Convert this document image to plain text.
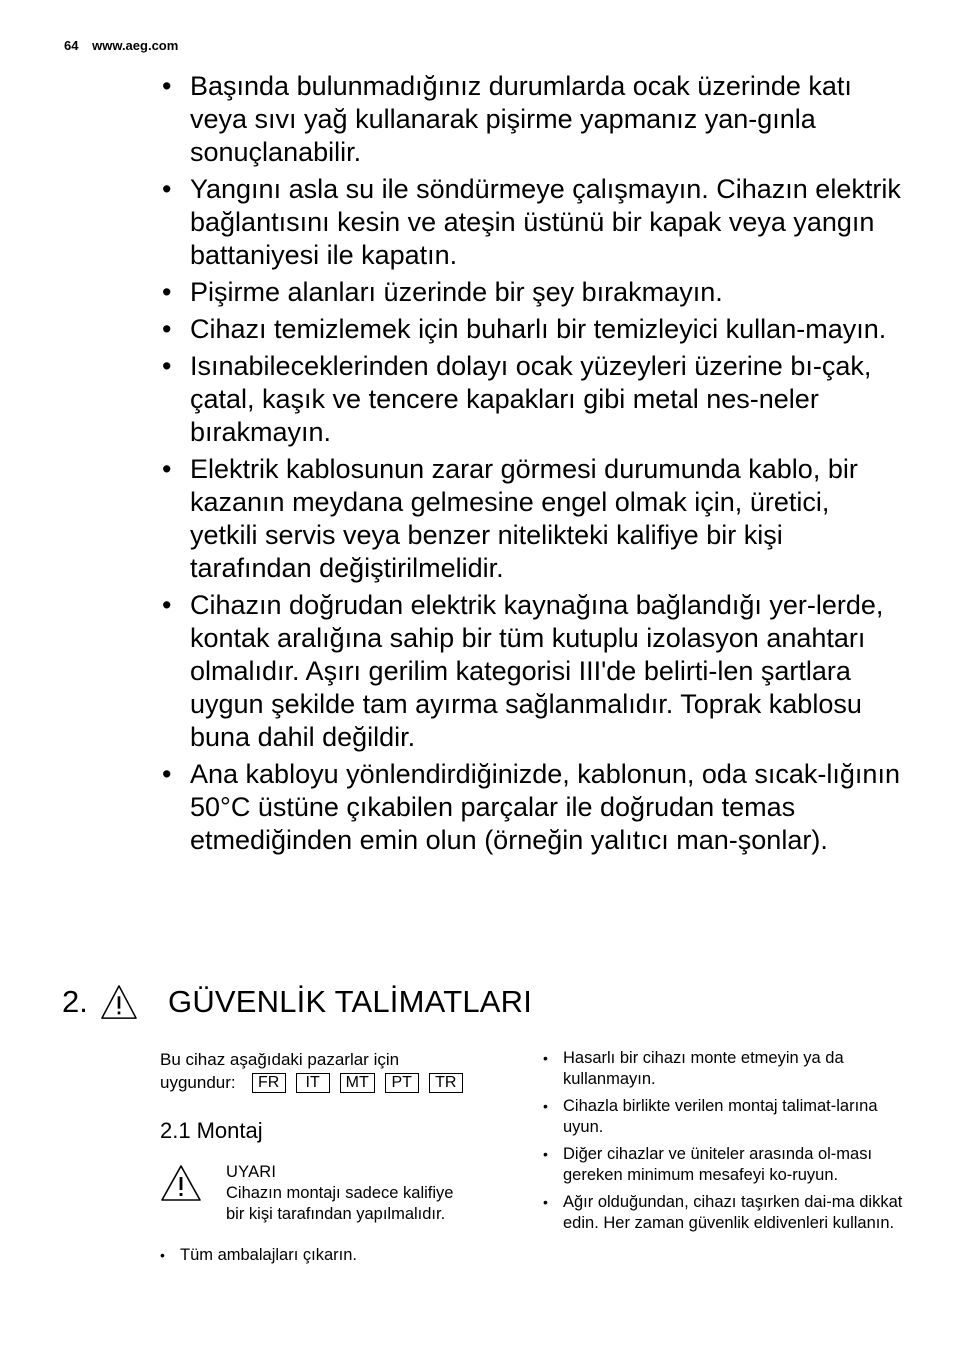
64 www.aeg.com
• Başında bulunmadığınız durumlarda ocak üzerinde katı veya sıvı yağ kullanarak pişirme yapmanız yan-gınla sonuçlanabilir.
• Yangını asla su ile söndürmeye çalışmayın. Cihazın elektrik bağlantısını kesin ve ateşin üstünü bir kapak veya yangın battaniyesi ile kapatın.
• Pişirme alanları üzerinde bir şey bırakmayın.
• Cihazı temizlemek için buharlı bir temizleyici kullan-mayın.
• Isınabileceklerinden dolayı ocak yüzeyleri üzerine bı-çak, çatal, kaşık ve tencere kapakları gibi metal nes-neler bırakmayın.
• Elektrik kablosunun zarar görmesi durumunda kablo, bir kazanın meydana gelmesine engel olmak için, üretici, yetkili servis veya benzer nitelikteki kalifiye bir kişi tarafından değiştirilmelidir.
• Cihazın doğrudan elektrik kaynağına bağlandığı yer-lerde, kontak aralığına sahip bir tüm kutuplu izolasyon anahtarı olmalıdır. Aşırı gerilim kategorisi III'de belirti-len şartlara uygun şekilde tam ayırma sağlanmalıdır. Toprak kablosu buna dahil değildir.
• Ana kabloyu yönlendirdiğinizde, kablonun, oda sıcak-lığının 50°C üstüne çıkabilen parçalar ile doğrudan temas etmediğinden emin olun (örneğin yalıtıcı man-şonlar).
2.	GÜVENLİK TALİMATLARI
Bu cihaz aşağıdaki pazarlar için
uygundur:	FR	IT	MT	PT	TR
2.1 Montaj
UYARI
Cihazın montajı sadece kalifiye
bir kişi tarafından yapılmalıdır.
• Tüm ambalajları çıkarın.
• Hasarlı bir cihazı monte etmeyin ya da kullanmayın.
• Cihazla birlikte verilen montaj talimat-larına uyun.
• Diğer cihazlar ve üniteler arasında ol-ması gereken minimum mesafeyi ko-ruyun.
• Ağır olduğundan, cihazı taşırken dai-ma dikkat edin. Her zaman güvenlik eldivenleri kullanın.
